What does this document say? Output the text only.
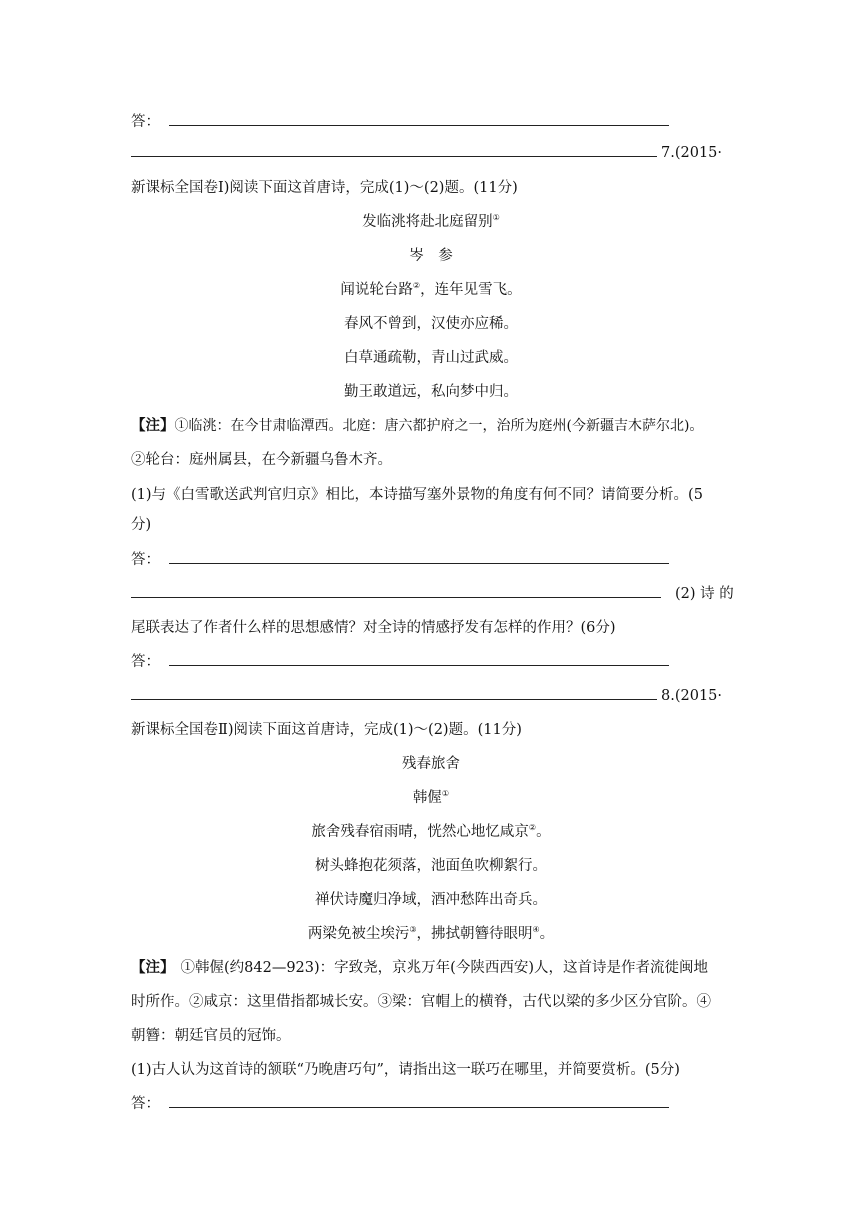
答：
7.(2015·
新课标全国卷Ⅰ)阅读下面这首唐诗，完成(1)～(2)题。(11分)
发临洮将赴北庭留别①
岑　参
闻说轮台路②，连年见雪飞。
春风不曾到，汉使亦应稀。
白草通疏勒，青山过武威。
勤王敢道远，私向梦中归。
【注】①临洮：在今甘肃临潭西。北庭：唐六都护府之一，治所为庭州(今新疆吉木萨尔北)。
②轮台：庭州属县，在今新疆乌鲁木齐。
(1)与《白雪歌送武判官归京》相比，本诗描写塞外景物的角度有何不同？请简要分析。(5
分)
答：
(2) 诗 的
尾联表达了作者什么样的思想感情？对全诗的情感抒发有怎样的作用？(6分)
答：
8.(2015·
新课标全国卷Ⅱ)阅读下面这首唐诗，完成(1)～(2)题。(11分)
残春旅舍
韩偓①
旅舍残春宿雨晴，恍然心地忆咸京②。
树头蜂抱花须落，池面鱼吹柳絮行。
禅伏诗魔归净域，酒冲愁阵出奇兵。
两梁免被尘埃污③，拂拭朝簪待眼明④。
【注】 ①韩偓(约842—923)：字致尧，京兆万年(今陕西西安)人，这首诗是作者流徙闽地
时所作。②咸京：这里借指都城长安。③梁：官帽上的横脊，古代以梁的多少区分官阶。④
朝簪：朝廷官员的冠饰。
(1)古人认为这首诗的颔联“乃晚唐巧句”，请指出这一联巧在哪里，并简要赏析。(5分)
答：
